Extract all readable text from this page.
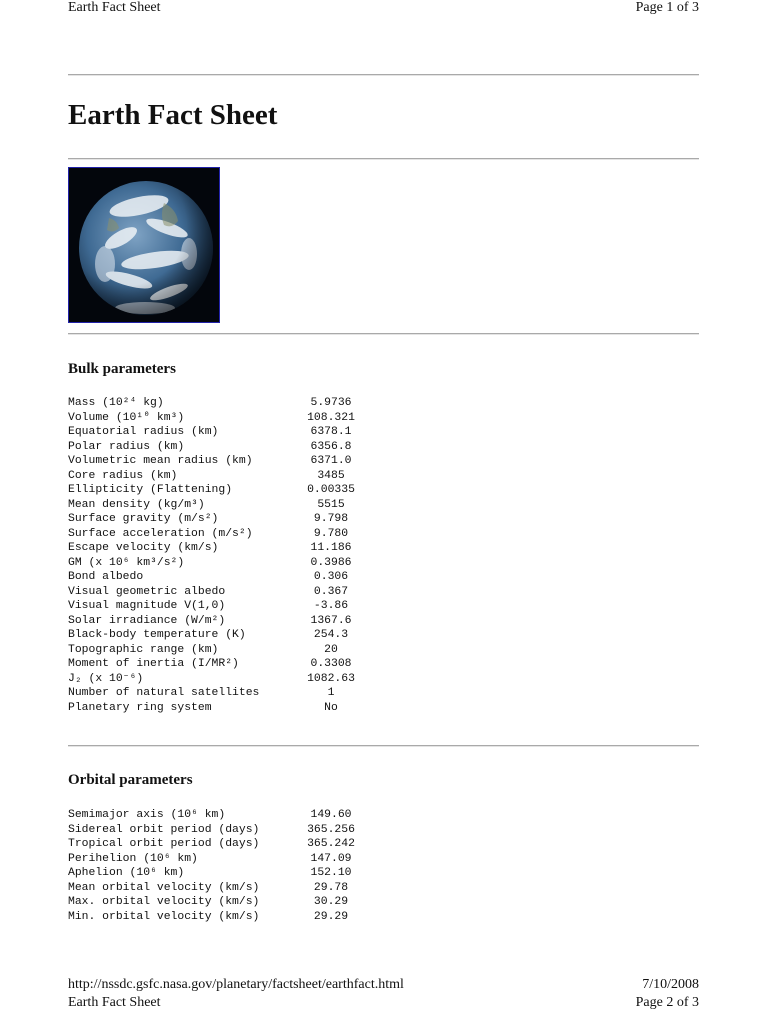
Earth Fact Sheet	Page 1 of 3
Earth Fact Sheet
Bulk parameters
Mass (10²⁴ kg)	5.9736
Volume (10¹⁰ km³)	108.321
Equatorial radius (km)	6378.1
Polar radius (km)	6356.8
Volumetric mean radius (km)	6371.0
Core radius (km)	3485
Ellipticity (Flattening)	0.00335
Mean density (kg/m³)	5515
Surface gravity (m/s²)	9.798
Surface acceleration (m/s²)	9.780
Escape velocity (km/s)	11.186
GM (x 10⁶ km³/s²)	0.3986
Bond albedo	0.306
Visual geometric albedo	0.367
Visual magnitude V(1,0)	-3.86
Solar irradiance (W/m²)	1367.6
Black-body temperature (K)	254.3
Topographic range (km)	20
Moment of inertia (I/MR²)	0.3308
J₂ (x 10⁻⁶)	1082.63
Number of natural satellites	1
Planetary ring system	No
Orbital parameters
Semimajor axis (10⁶ km)	149.60
Sidereal orbit period (days)	365.256
Tropical orbit period (days)	365.242
Perihelion (10⁶ km)	147.09
Aphelion (10⁶ km)	152.10
Mean orbital velocity (km/s)	29.78
Max. orbital velocity (km/s)	30.29
Min. orbital velocity (km/s)	29.29
http://nssdc.gsfc.nasa.gov/planetary/factsheet/earthfact.html	7/10/2008
Earth Fact Sheet	Page 2 of 3
